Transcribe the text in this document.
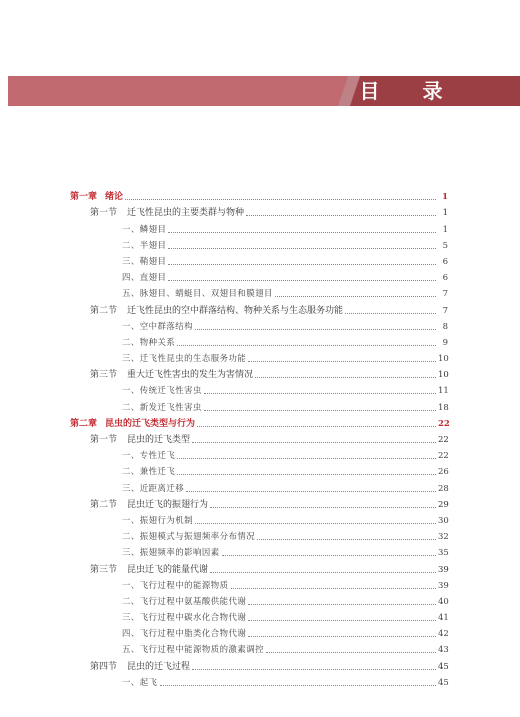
目 录
第一章 绪论	1
第一节 迁飞性昆虫的主要类群与物种	1
一、 鳞翅目	1
二、 半翅目	5
三、 鞘翅目	6
四、 直翅目	6
五、 脉翅目、蜻蜓目、双翅目和膜翅目	7
第二节 迁飞性昆虫的空中群落结构、物种关系与生态服务功能	7
一、 空中群落结构	8
二、 物种关系	9
三、 迁飞性昆虫的生态服务功能	10
第三节 重大迁飞性害虫的发生为害情况	10
一、 传统迁飞性害虫	11
二、 新发迁飞性害虫	18
第二章 昆虫的迁飞类型与行为	22
第一节 昆虫的迁飞类型	22
一、 专性迁飞	22
二、 兼性迁飞	26
三、 近距离迁移	28
第二节 昆虫迁飞的振翅行为	29
一、 振翅行为机制	30
二、 振翅模式与振翅频率分布情况	32
三、 振翅频率的影响因素	35
第三节 昆虫迁飞的能量代谢	39
一、 飞行过程中的能源物质	39
二、 飞行过程中氨基酸供能代谢	40
三、 飞行过程中碳水化合物代谢	41
四、 飞行过程中脂类化合物代谢	42
五、 飞行过程中能源物质的激素调控	43
第四节 昆虫的迁飞过程	45
一、 起飞	45
